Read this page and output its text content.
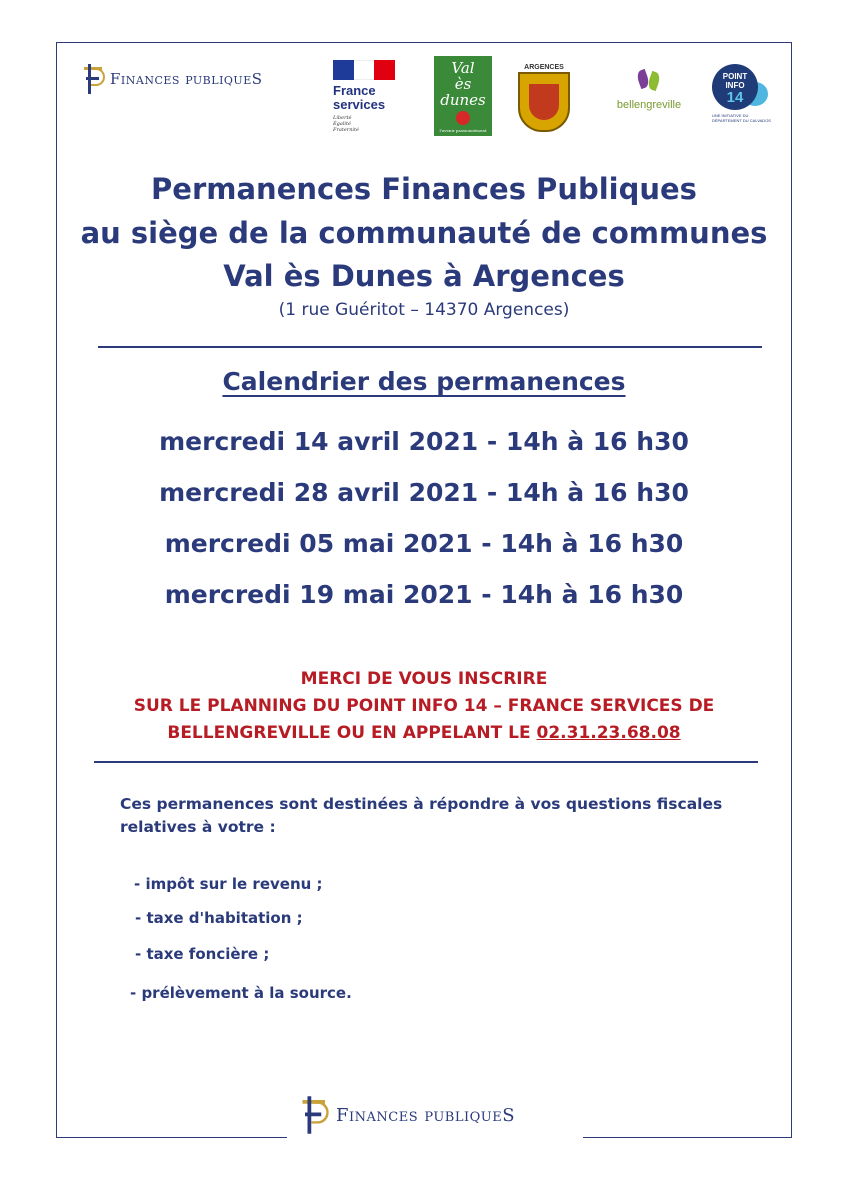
Finances publiqueS
France
services
Liberté
Égalité
Fraternité
Val
ès
dunes
l'avenir passionnément
ARGENCES
bellengreville
POINT
INFO
14
UNE INITIATIVE DU DÉPARTEMENT DU CALVADOS
Permanences Finances Publiques
au siège de la communauté de communes
Val ès Dunes à Argences
(1 rue Guéritot – 14370 Argences)
Calendrier des permanences
mercredi 14 avril 2021 - 14h à 16 h30
mercredi 28 avril 2021 - 14h à 16 h30
mercredi 05 mai 2021 - 14h à 16 h30
mercredi 19 mai 2021 - 14h à 16 h30
MERCI DE VOUS INSCRIRE
SUR LE PLANNING DU POINT INFO 14 – FRANCE SERVICES DE
BELLENGREVILLE OU EN APPELANT LE 02.31.23.68.08
Ces permanences sont destinées à répondre à vos questions fiscales
relatives à votre :
- impôt sur le revenu ;
- taxe d'habitation ;
- taxe foncière ;
- prélèvement à la source.
Finances publiqueS
